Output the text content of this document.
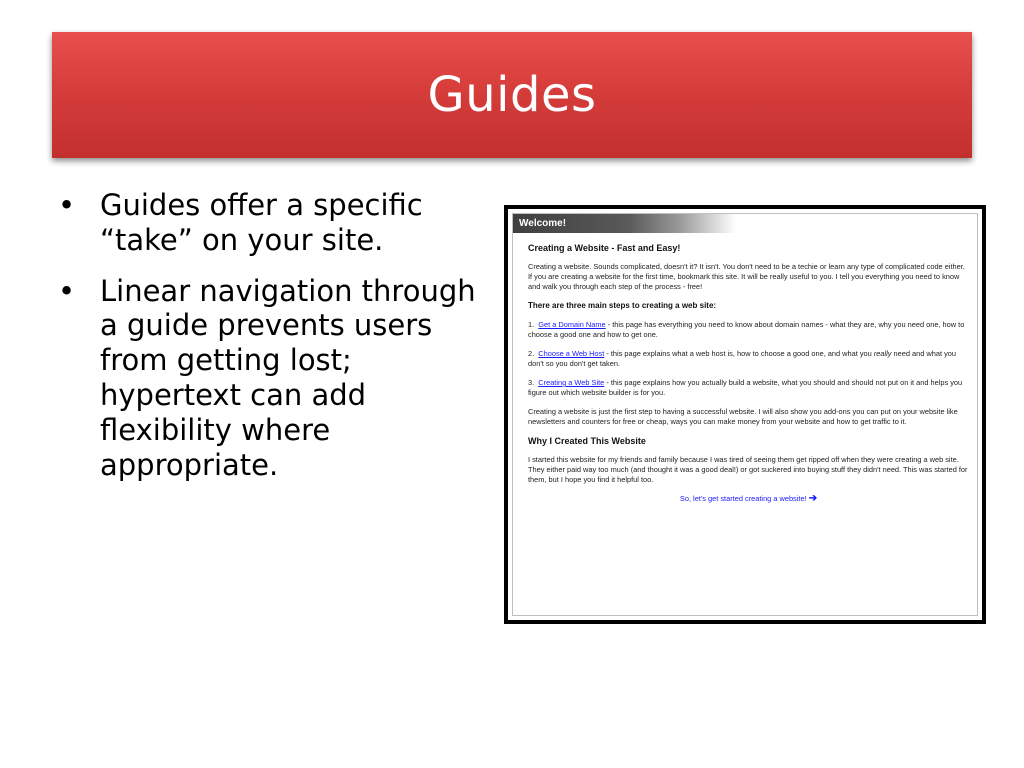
Guides
• Guides offer a specific “take” on your site.
• Linear navigation through a guide prevents users from getting lost; hypertext can add flexibility where appropriate.
Welcome!
Creating a Website - Fast and Easy!

Creating a website. Sounds complicated, doesn't it? It isn't. You don't need to be a techie or learn any type of complicated code either. If you are creating a website for the first time, bookmark this site. It will be really useful to you. I tell you everything you need to know and walk you through each step of the process - free!

There are three main steps to creating a web site:

1. Get a Domain Name - this page has everything you need to know about domain names - what they are, why you need one, how to choose a good one and how to get one.

2. Choose a Web Host - this page explains what a web host is, how to choose a good one, and what you really need and what you don't so you don't get taken.

3. Creating a Web Site - this page explains how you actually build a website, what you should and should not put on it and helps you figure out which website builder is for you.

Creating a website is just the first step to having a successful website. I will also show you add-ons you can put on your website like newsletters and counters for free or cheap, ways you can make money from your website and how to get traffic to it.

Why I Created This Website

I started this website for my friends and family because I was tired of seeing them get ripped off when they were creating a web site. They either paid way too much (and thought it was a good deal!) or got suckered into buying stuff they didn't need. This was started for them, but I hope you find it helpful too.

So, let's get started creating a website! ➔
